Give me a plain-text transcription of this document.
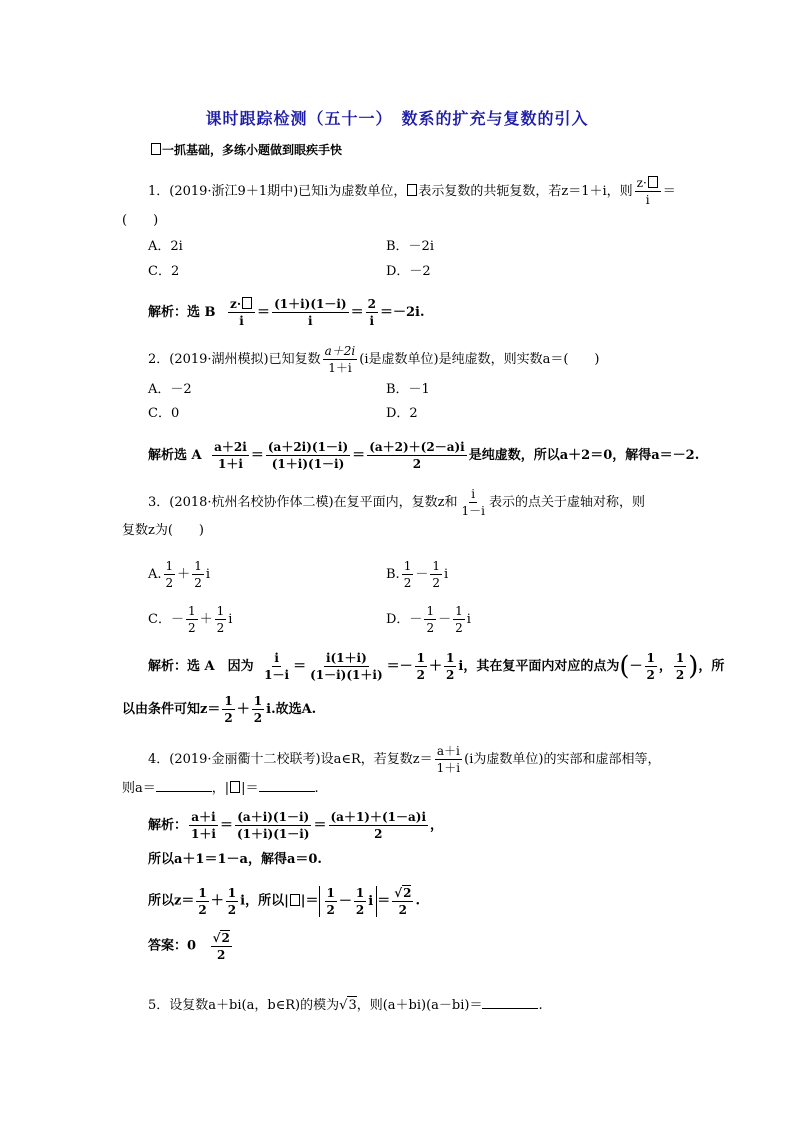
课时跟踪检测（五十一）　数系的扩充与复数的引入
一抓基础，多练小题做到眼疾手快
1．(2019·浙江9＋1期中)已知i为虚数单位， 表示复数的共轭复数，若z＝1＋i，则 $\frac{z\cdot}{i}$ ＝
(　　)
A．2i	B．－2i
C．2	D．－2
解析：选 B $\frac{z\cdot}{i} = \frac{(1+i)(1-i)}{i} = \frac{2}{i} =-2i$.
2．(2019·湖州模拟)已知复数 $\frac{a+2i}{1+i} (i$是虚数单位)是纯虚数，则实数a＝(　　)
A．－2	B．－1
C．0	D．2
解析选 A $\frac{a+2i}{1+i} = \frac{(a+2i)(1-i)}{(1+i)(1-i)} = \frac{(a+2)+(2-a)i}{2}$ 是纯虚数，所以a＋2＝0，解得a＝－2.
3．(2018·杭州名校协作体二模)在复平面内，复数z和 $\frac{i}{1-i}$ 表示的点关于虚轴对称，则
复数z为(　　)
A. $\frac{1}{2} + \frac{1}{2}$ i	B. $\frac{1}{2} - \frac{1}{2}$ i
C．－ $\frac{1}{2} + \frac{1}{2}$ i	D．－ $\frac{1}{2} - \frac{1}{2}$ i
解析：选 A　因为 $\frac{i}{1-i} = \frac{i(1+i)}{(1-i)(1+i)} =- \frac{1}{2} + \frac{1}{2}$ i，其在复平面内对应的点为(－ $\frac{1}{2}$ ， $\frac{1}{2}$ )，所
以由条件可知$z= \frac{1}{2} + \frac{1}{2} i$.故选A.
4．(2019·金丽衢十二校联考)设a∈R，若复数$z= \frac{a+i}{1+i} (i$为虚数单位)的实部和虚部相等，
则a＝	，| |＝	.
解析： $\frac{a+i}{1+i} = \frac{(a+i)(1-i)}{(1+i)(1-i)} = \frac{(a+1)+(1-a)i}{2}$ ，
所以a＋1＝1－a，解得a＝0.
所以$z= \frac{1}{2} + \frac{1}{2}$ i，所以| |＝ $\frac{1}{2} - \frac{1}{2}$ $i = \frac{√2}{2}$ .
答案：$0 \frac{√2}{2}$
5．设复数a＋bi(a，b∈R)的模为√3，则(a＋bi)(a－bi)＝	.
